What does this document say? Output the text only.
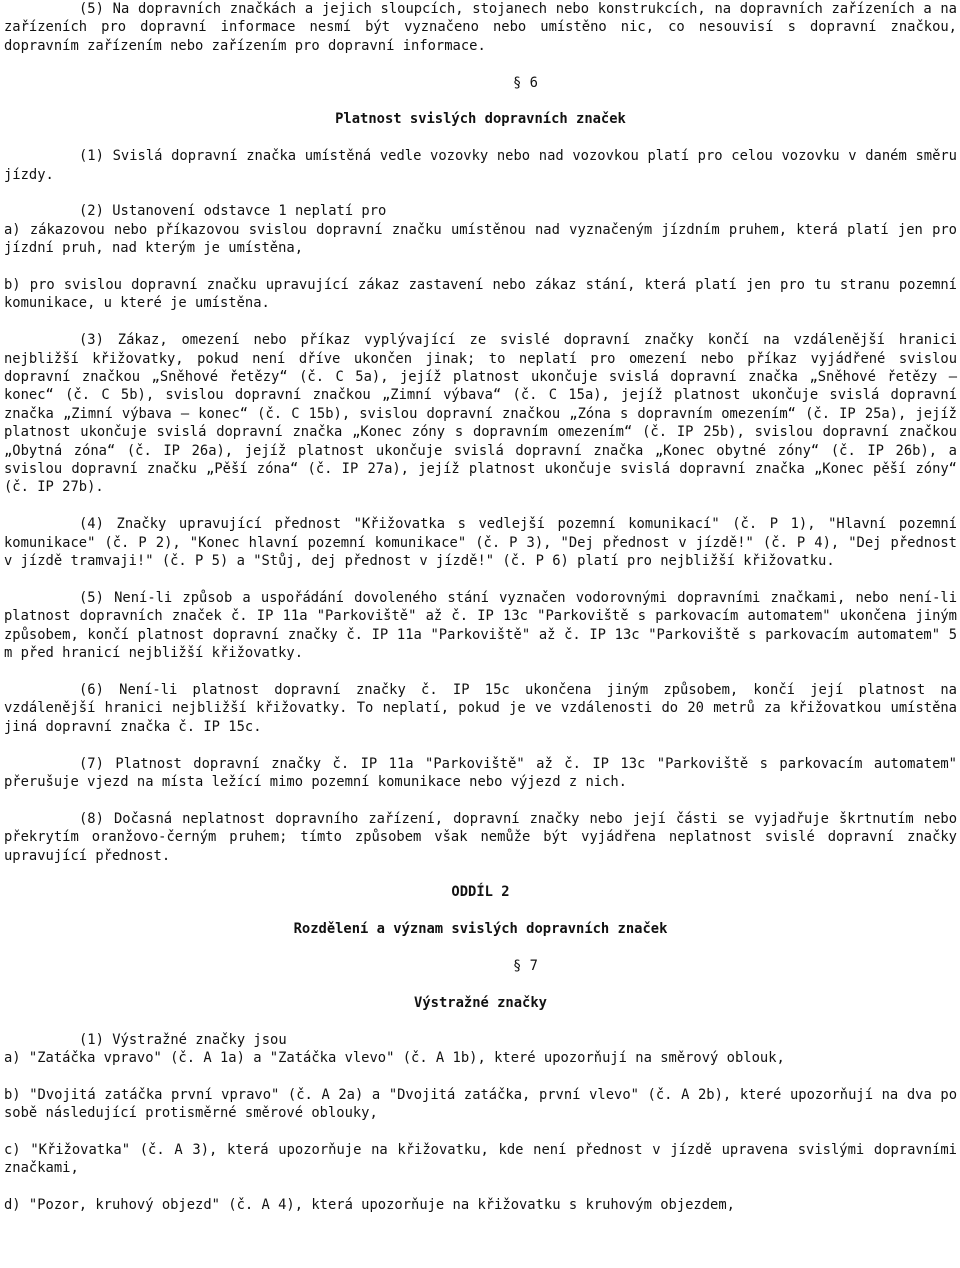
(5) Na dopravních značkách a jejich sloupcích, stojanech nebo konstrukcích, na dopravních zařízeních a na zařízeních pro dopravní informace nesmí být vyznačeno nebo umístěno nic, co nesouvisí s dopravní značkou, dopravním zařízením nebo zařízením pro dopravní informace.

§ 6

Platnost svislých dopravních značek

(1) Svislá dopravní značka umístěná vedle vozovky nebo nad vozovkou platí pro celou vozovku v daném směru jízdy.

(2) Ustanovení odstavce 1 neplatí pro

a) zákazovou nebo příkazovou svislou dopravní značku umístěnou nad vyznačeným jízdním pruhem, která platí jen pro jízdní pruh, nad kterým je umístěna,

b) pro svislou dopravní značku upravující zákaz zastavení nebo zákaz stání, která platí jen pro tu stranu pozemní komunikace, u které je umístěna.

(3) Zákaz, omezení nebo příkaz vyplývající ze svislé dopravní značky končí na vzdálenější hranici nejbližší křižovatky, pokud není dříve ukončen jinak; to neplatí pro omezení nebo příkaz vyjádřené svislou dopravní značkou „Sněhové řetězy“ (č. C 5a), jejíž platnost ukončuje svislá dopravní značka „Sněhové řetězy – konec“ (č. C 5b), svislou dopravní značkou „Zimní výbava“ (č. C 15a), jejíž platnost ukončuje svislá dopravní značka „Zimní výbava – konec“ (č. C 15b), svislou dopravní značkou „Zóna s dopravním omezením“ (č. IP 25a), jejíž platnost ukončuje svislá dopravní značka „Konec zóny s dopravním omezením“ (č. IP 25b), svislou dopravní značkou „Obytná zóna“ (č. IP 26a), jejíž platnost ukončuje svislá dopravní značka „Konec obytné zóny“ (č. IP 26b), a svislou dopravní značku „Pěší zóna“ (č. IP 27a), jejíž platnost ukončuje svislá dopravní značka „Konec pěší zóny“ (č. IP 27b).

(4) Značky upravující přednost "Křižovatka s vedlejší pozemní komunikací" (č. P 1), "Hlavní pozemní komunikace" (č. P 2), "Konec hlavní pozemní komunikace" (č. P 3), "Dej přednost v jízdě!" (č. P 4), "Dej přednost v jízdě tramvaji!" (č. P 5) a "Stůj, dej přednost v jízdě!" (č. P 6) platí pro nejbližší křižovatku.

(5) Není-li způsob a uspořádání dovoleného stání vyznačen vodorovnými dopravními značkami, nebo není-li platnost dopravních značek č. IP 11a "Parkoviště" až č. IP 13c "Parkoviště s parkovacím automatem" ukončena jiným způsobem, končí platnost dopravní značky č. IP 11a "Parkoviště" až č. IP 13c "Parkoviště s parkovacím automatem" 5 m před hranicí nejbližší křižovatky.

(6) Není-li platnost dopravní značky č. IP 15c ukončena jiným způsobem, končí její platnost na vzdálenější hranici nejbližší křižovatky. To neplatí, pokud je ve vzdálenosti do 20 metrů za křižovatkou umístěna jiná dopravní značka č. IP 15c.

(7) Platnost dopravní značky č. IP 11a "Parkoviště" až č. IP 13c "Parkoviště s parkovacím automatem" přerušuje vjezd na místa ležící mimo pozemní komunikace nebo výjezd z nich.

(8) Dočasná neplatnost dopravního zařízení, dopravní značky nebo její části se vyjadřuje škrtnutím nebo překrytím oranžovo-černým pruhem; tímto způsobem však nemůže být vyjádřena neplatnost svislé dopravní značky upravující přednost.

ODDÍL 2

Rozdělení a význam svislých dopravních značek

§ 7

Výstražné značky

(1) Výstražné značky jsou

a) "Zatáčka vpravo" (č. A 1a) a "Zatáčka vlevo" (č. A 1b), které upozorňují na směrový oblouk,

b) "Dvojitá zatáčka první vpravo" (č. A 2a) a "Dvojitá zatáčka, první vlevo" (č. A 2b), které upozorňují na dva po sobě následující protisměrné směrové oblouky,

c) "Křižovatka" (č. A 3), která upozorňuje na křižovatku, kde není přednost v jízdě upravena svislými dopravními značkami,

d) "Pozor, kruhový objezd" (č. A 4), která upozorňuje na křižovatku s kruhovým objezdem,
